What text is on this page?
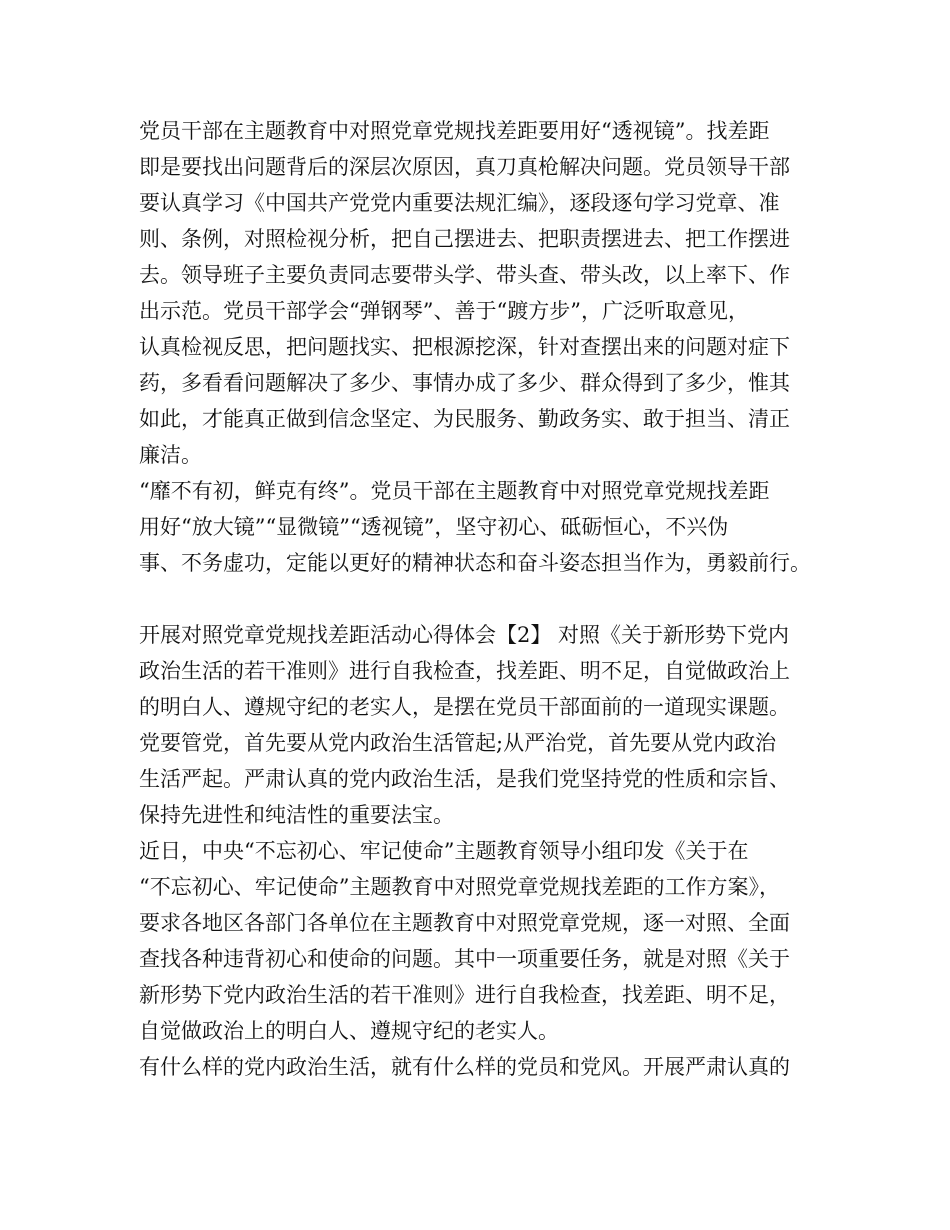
党员干部在主题教育中对照党章党规找差距要用好“透视镜”。找差距
即是要找出问题背后的深层次原因，真刀真枪解决问题。党员领导干部
要认真学习《中国共产党党内重要法规汇编》，逐段逐句学习党章、准
则、条例，对照检视分析，把自己摆进去、把职责摆进去、把工作摆进
去。领导班子主要负责同志要带头学、带头查、带头改，以上率下、作
出示范。党员干部学会“弹钢琴”、善于“踱方步”，广泛听取意见，
认真检视反思，把问题找实、把根源挖深，针对查摆出来的问题对症下
药，多看看问题解决了多少、事情办成了多少、群众得到了多少，惟其
如此，才能真正做到信念坚定、为民服务、勤政务实、敢于担当、清正
廉洁。
“靡不有初，鲜克有终”。党员干部在主题教育中对照党章党规找差距
用好“放大镜”“显微镜”“透视镜”，坚守初心、砥砺恒心，不兴伪
事、不务虚功，定能以更好的精神状态和奋斗姿态担当作为，勇毅前行。
开展对照党章党规找差距活动心得体会【2】 对照《关于新形势下党内
政治生活的若干准则》进行自我检查，找差距、明不足，自觉做政治上
的明白人、遵规守纪的老实人，是摆在党员干部面前的一道现实课题。
党要管党，首先要从党内政治生活管起;从严治党，首先要从党内政治
生活严起。严肃认真的党内政治生活，是我们党坚持党的性质和宗旨、
保持先进性和纯洁性的重要法宝。
近日，中央“不忘初心、牢记使命”主题教育领导小组印发《关于在
“不忘初心、牢记使命”主题教育中对照党章党规找差距的工作方案》，
要求各地区各部门各单位在主题教育中对照党章党规，逐一对照、全面
查找各种违背初心和使命的问题。其中一项重要任务，就是对照《关于
新形势下党内政治生活的若干准则》进行自我检查，找差距、明不足，
自觉做政治上的明白人、遵规守纪的老实人。
有什么样的党内政治生活，就有什么样的党员和党风。开展严肃认真的
